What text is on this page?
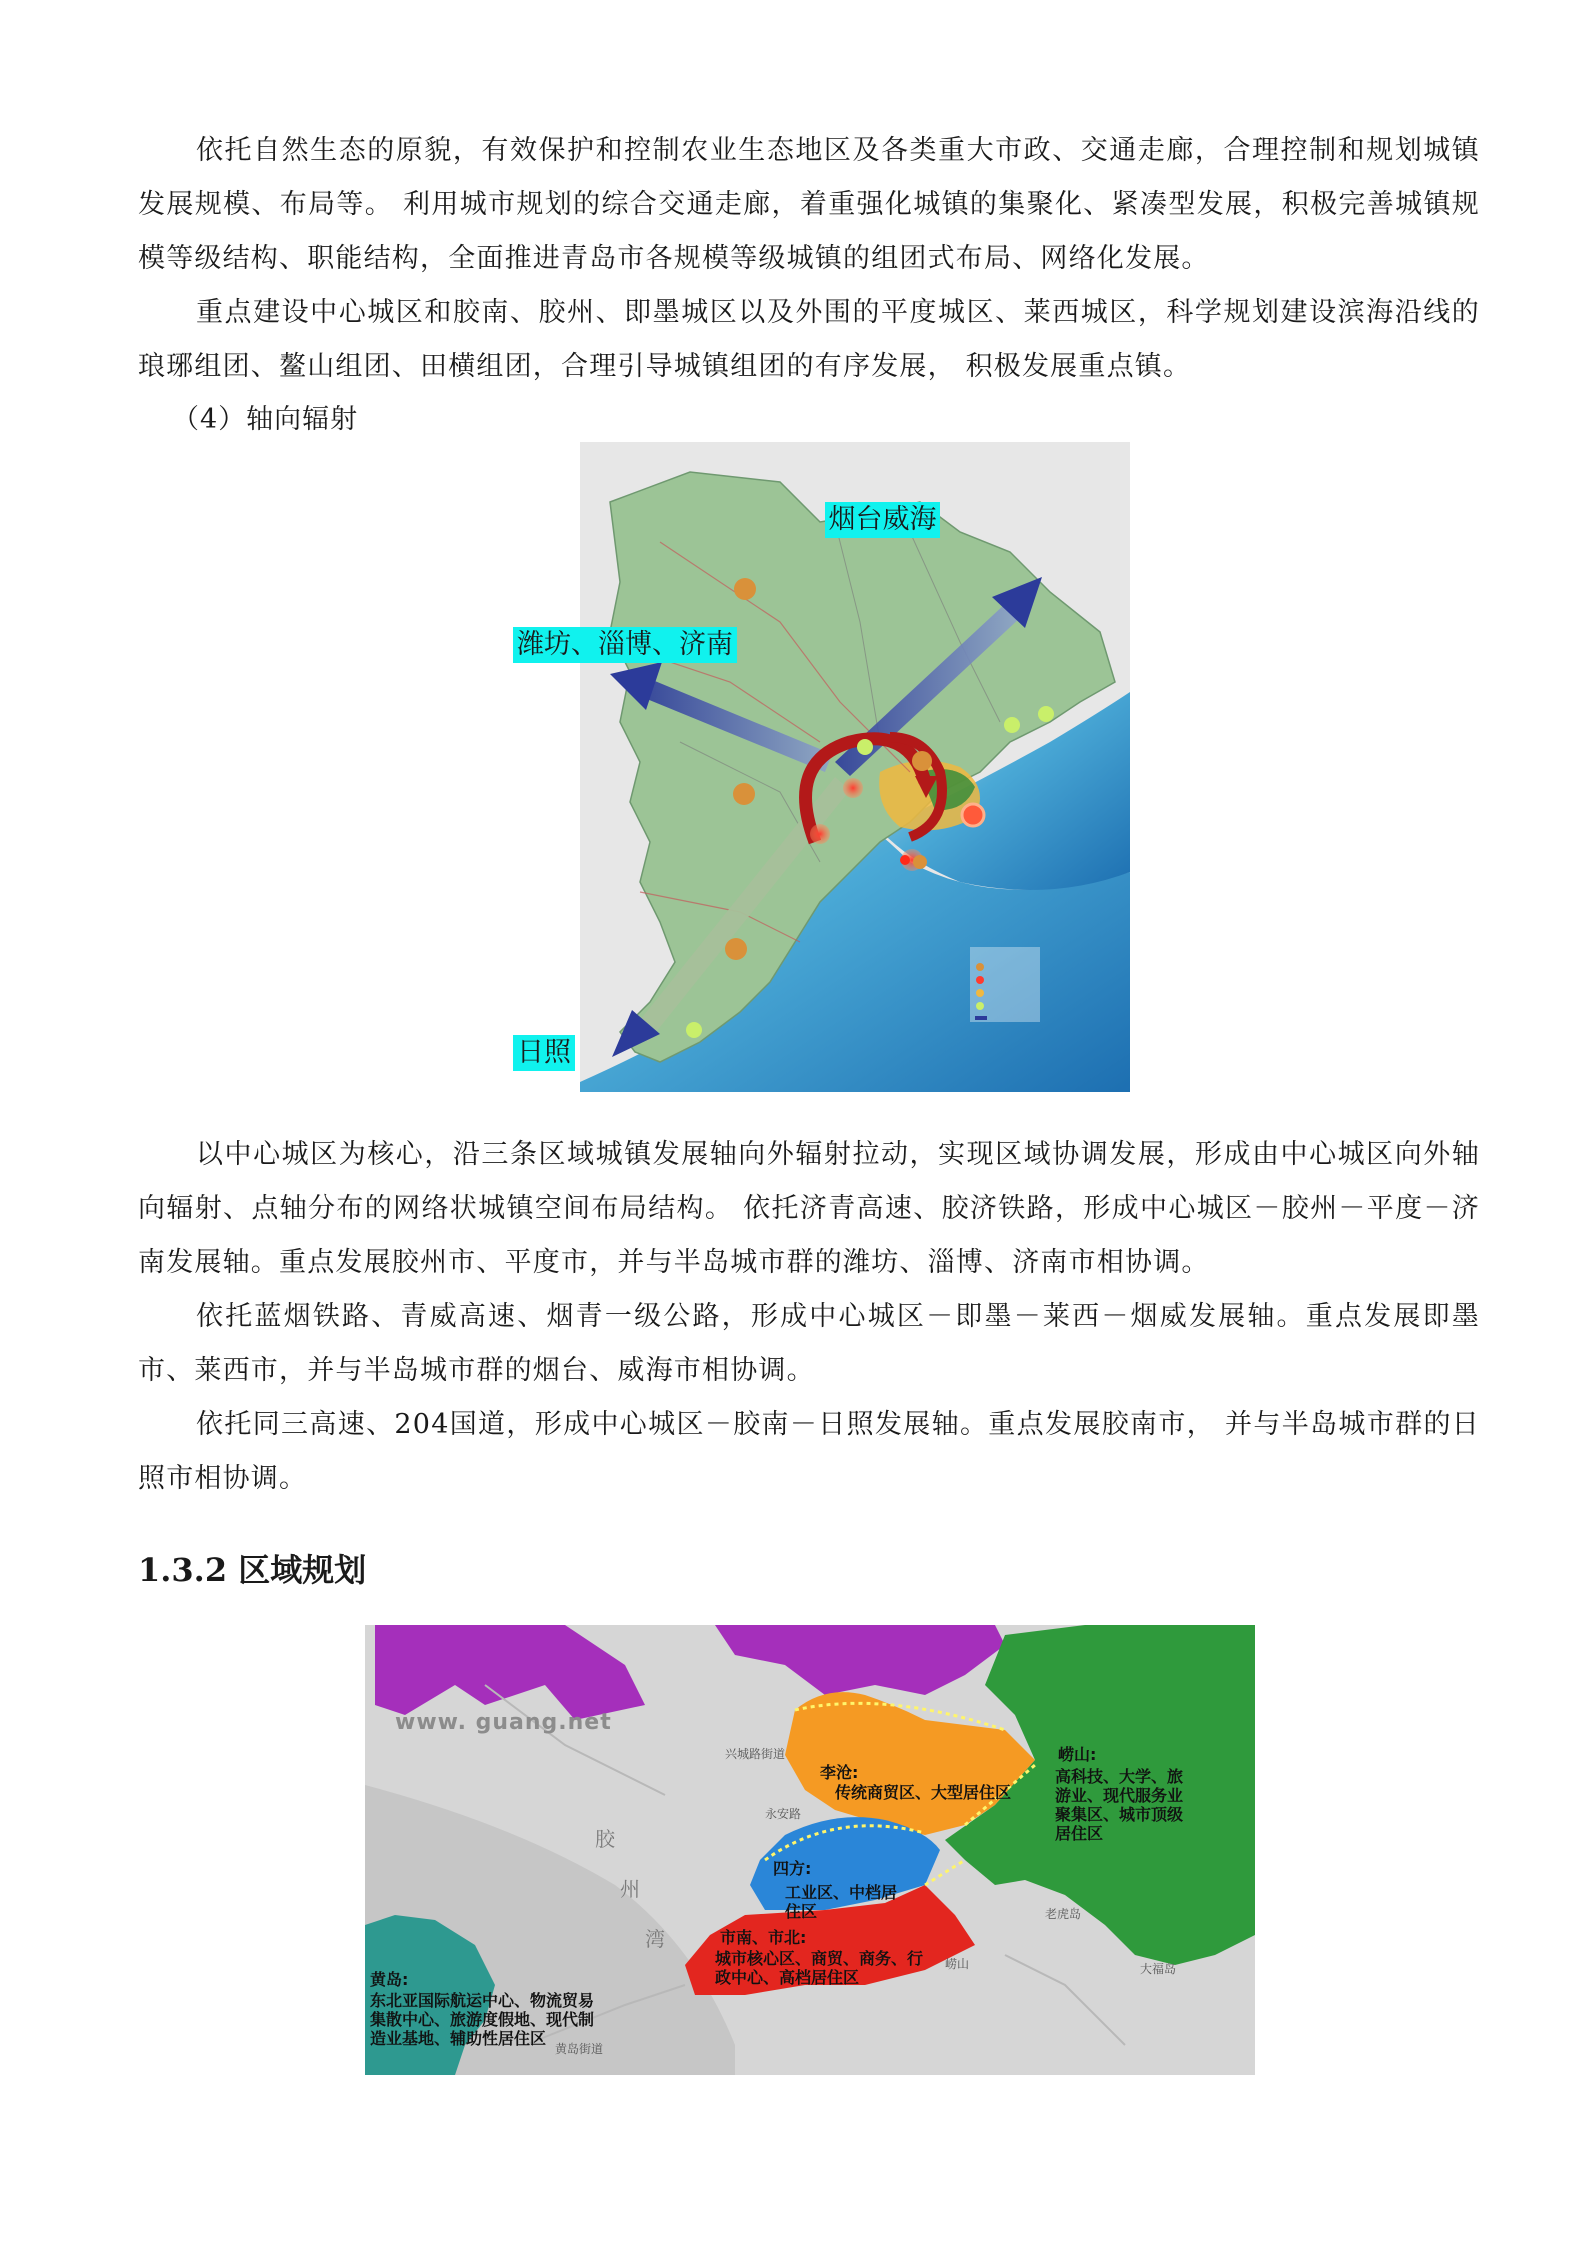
依托自然生态的原貌，有效保护和控制农业生态地区及各类重大市政、交通走廊，合理控制和规划城镇发展规模、布局等。 利用城市规划的综合交通走廊，着重强化城镇的集聚化、紧凑型发展，积极完善城镇规模等级结构、职能结构，全面推进青岛市各规模等级城镇的组团式布局、网络化发展。

重点建设中心城区和胶南、胶州、即墨城区以及外围的平度城区、莱西城区，科学规划建设滨海沿线的琅琊组团、鳌山组团、田横组团，合理引导城镇组团的有序发展， 积极发展重点镇。

（4）轴向辐射
烟台威海
潍坊、淄博、济南
日照

以中心城区为核心，沿三条区域城镇发展轴向外辐射拉动，实现区域协调发展，形成由中心城区向外轴向辐射、点轴分布的网络状城镇空间布局结构。 依托济青高速、胶济铁路，形成中心城区－胶州－平度－济南发展轴。重点发展胶州市、平度市，并与半岛城市群的潍坊、淄博、济南市相协调。

依托蓝烟铁路、青威高速、烟青一级公路，形成中心城区－即墨－莱西－烟威发展轴。重点发展即墨市、莱西市，并与半岛城市群的烟台、威海市相协调。

依托同三高速、204国道，形成中心城区－胶南－日照发展轴。重点发展胶南市， 并与半岛城市群的日照市相协调。

1.3.2 区域规划
www. guang.net
李沧:
传统商贸区、大型居住区
崂山:
高科技、大学、旅游业、现代服务业聚集区、城市顶级居住区
四方:
工业区、中档居住区
市南、市北:
城市核心区、商贸、商务、行政中心、高档居住区
黄岛:
东北亚国际航运中心、物流贸易集散中心、旅游度假地、现代制造业基地、辅助性居住区
胶
州
湾
兴城路街道
永安路
崂山	大福岛
老虎岛
黄岛街道
